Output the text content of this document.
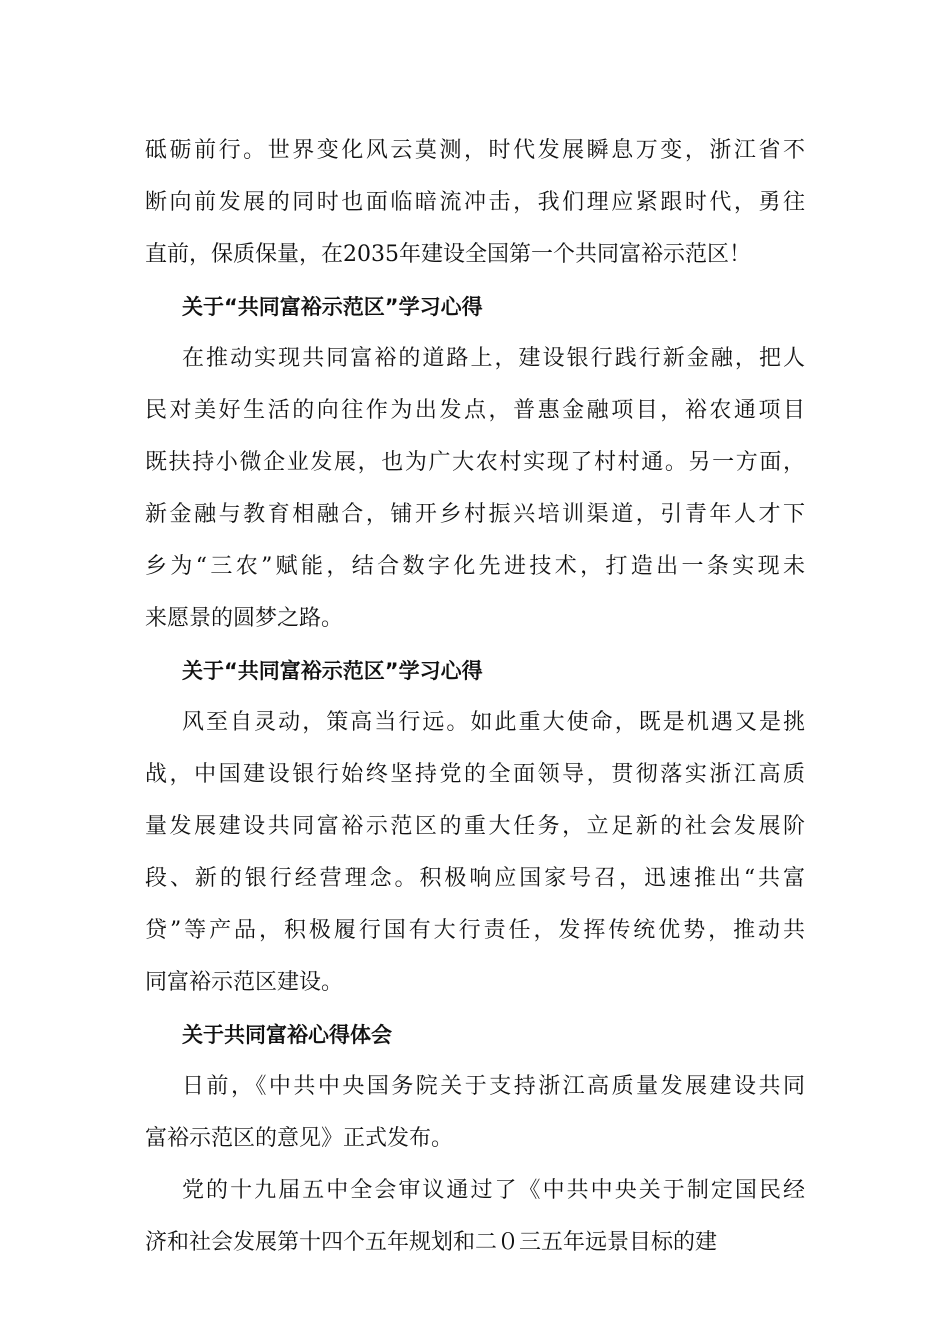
砥砺前行。世界变化风云莫测，时代发展瞬息万变，浙江省不
断向前发展的同时也面临暗流冲击，我们理应紧跟时代，勇往
直前，保质保量，在2035年建设全国第一个共同富裕示范区！
关于“共同富裕示范区”学习心得
在推动实现共同富裕的道路上，建设银行践行新金融，把人
民对美好生活的向往作为出发点，普惠金融项目，裕农通项目
既扶持小微企业发展，也为广大农村实现了村村通。另一方面，
新金融与教育相融合，铺开乡村振兴培训渠道，引青年人才下
乡为“三农”赋能，结合数字化先进技术，打造出一条实现未
来愿景的圆梦之路。
关于“共同富裕示范区”学习心得
风至自灵动，策高当行远。如此重大使命，既是机遇又是挑
战，中国建设银行始终坚持党的全面领导，贯彻落实浙江高质
量发展建设共同富裕示范区的重大任务，立足新的社会发展阶
段、新的银行经营理念。积极响应国家号召，迅速推出“共富
贷”等产品，积极履行国有大行责任，发挥传统优势，推动共
同富裕示范区建设。
关于共同富裕心得体会
日前，《中共中央国务院关于支持浙江高质量发展建设共同
富裕示范区的意见》正式发布。
党的十九届五中全会审议通过了《中共中央关于制定国民经
济和社会发展第十四个五年规划和二０三五年远景目标的建
